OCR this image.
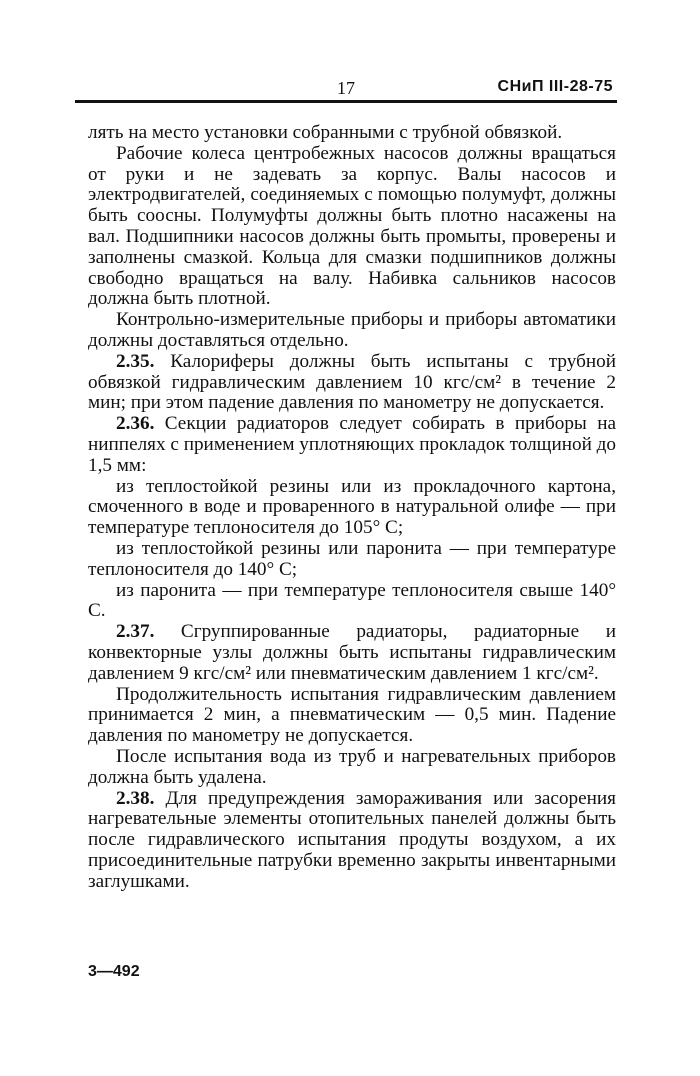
17	СНиП III-28-75

лять на место установки собранными с трубной обвязкой.

Рабочие колеса центробежных насосов должны вращаться от руки и не задевать за корпус. Валы насосов и электродвигателей, соединяемых с помощью полумуфт, должны быть соосны. Полумуфты должны быть плотно насажены на вал. Подшипники насосов должны быть промыты, проверены и заполнены смазкой. Кольца для смазки подшипников должны свободно вращаться на валу. Набивка сальников насосов должна быть плотной.

Контрольно-измерительные приборы и приборы автоматики должны доставляться отдельно.

2.35. Калориферы должны быть испытаны с трубной обвязкой гидравлическим давлением 10 кгс/см² в течение 2 мин; при этом падение давления по манометру не допускается.

2.36. Секции радиаторов следует собирать в приборы на ниппелях с применением уплотняющих прокладок толщиной до 1,5 мм:

из теплостойкой резины или из прокладочного картона, смоченного в воде и проваренного в натуральной олифе — при температуре теплоносителя до 105° С;

из теплостойкой резины или паронита — при температуре теплоносителя до 140° С;

из паронита — при температуре теплоносителя свыше 140° С.

2.37. Сгруппированные радиаторы, радиаторные и конвекторные узлы должны быть испытаны гидравлическим давлением 9 кгс/см² или пневматическим давлением 1 кгс/см².

Продолжительность испытания гидравлическим давлением принимается 2 мин, а пневматическим — 0,5 мин. Падение давления по манометру не допускается.

После испытания вода из труб и нагревательных приборов должна быть удалена.

2.38. Для предупреждения замораживания или засорения нагревательные элементы отопительных панелей должны быть после гидравлического испытания продуты воздухом, а их присоединительные патрубки временно закрыты инвентарными заглушками.

3—492
